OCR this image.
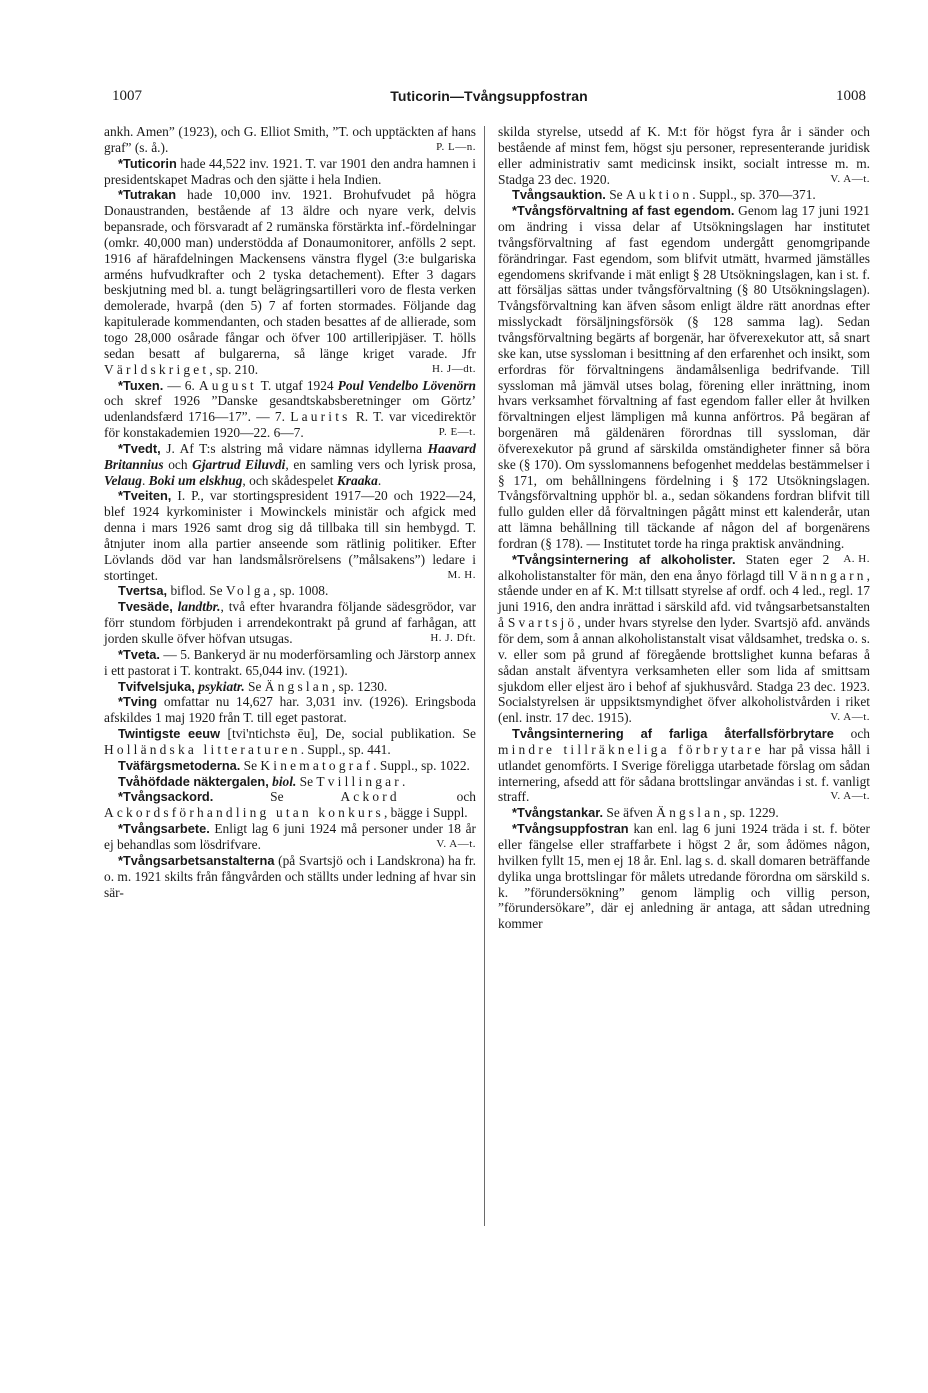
1007	Tuticorin—Tvångsuppfostran	1008

ankh. Amen” (1923), och G. Elliot Smith, ”T. och upptäckten af hans graf” (s. å.).	P. L—n.

*Tuticorin hade 44,522 inv. 1921. T. var 1901 den andra hamnen i presidentskapet Madras och den sjätte i hela Indien.

*Tutrakan hade 10,000 inv. 1921. Brohufvudet på högra Donaustranden, bestående af 13 äldre och nyare verk, delvis bepansrade, och försvaradt af 2 rumänska förstärkta inf.-fördelningar (omkr. 40,000 man) understödda af Donaumonitorer, anfölls 2 sept. 1916 af härafdelningen Mackensens vänstra flygel (3:e bulgariska arméns hufvudkrafter och 2 tyska detachement). Efter 3 dagars beskjutning med bl. a. tungt belägringsartilleri voro de flesta verken demolerade, hvarpå (den 5) 7 af forten stormades. Följande dag kapitulerade kommendanten, och staden besattes af de allierade, som togo 28,000 osårade fångar och öfver 100 artilleripjäser. T. hölls sedan besatt af bulgarerna, så länge kriget varade. Jfr Världskriget, sp. 210.	H. J—dt.

*Tuxen. — 6. August T. utgaf 1924 Poul Vendelbo Lövenörn och skref 1926 ”Danske gesandtskabsberetninger om Görtz’ udenlandsfærd 1716—17”. — 7. Laurits R. T. var vicedirektör för konstakademien 1920—22. 6—7.	P. E—t.

*Tvedt, J. Af T:s alstring må vidare nämnas idyllerna Haavard Britannius och Gjartrud Eiluvdi, en samling vers och lyrisk prosa, Velaug. Boki um elskhug, och skådespelet Kraaka.

*Tveiten, I. P., var stortingspresident 1917—20 och 1922—24, blef 1924 kyrkominister i Mowinckels ministär och afgick med denna i mars 1926 samt drog sig då tillbaka till sin hembygd. T. åtnjuter inom alla partier anseende som rätlinig politiker. Efter Lövlands död var han landsmålsrörelsens (”målsakens”) ledare i stortinget.	M. H.

Tvertsa, biflod. Se Volga, sp. 1008.

Tvesäde, landtbr., två efter hvarandra följande sädesgrödor, var förr stundom förbjuden i arrendekontrakt på grund af farhågan, att jorden skulle öfver höfvan utsugas.	H. J. Dft.

*Tveta. — 5. Bankeryd är nu moderförsamling och Järstorp annex i ett pastorat i T. kontrakt. 65,044 inv. (1921).

Tvifvelsjuka, psykiatr. Se Ängslan, sp. 1230.

*Tving omfattar nu 14,627 har. 3,031 inv. (1926). Eringsboda afskildes 1 maj 1920 från T. till eget pastorat.

Twintigste eeuw [tvi'ntichstə ēu], De, social publikation. Se Holländska litteraturen. Suppl., sp. 441.

Tväfärgsmetoderna. Se Kinematograf. Suppl., sp. 1022.

Tvåhöfdade näktergalen, biol. Se Tvillingar.

*Tvångsackord. Se Ackord och Ackordsförhandling utan konkurs, bägge i Suppl.

*Tvångsarbete. Enligt lag 6 juni 1924 må personer under 18 år ej behandlas som lösdrifvare.	V. A—t.

*Tvångsarbetsanstalterna (på Svartsjö och i Landskrona) ha fr. o. m. 1921 skilts från fångvården och ställts under ledning af hvar sin sär-

skilda styrelse, utsedd af K. M:t för högst fyra år i sänder och bestående af minst fem, högst sju personer, representerande juridisk eller administrativ samt medicinsk insikt, socialt intresse m. m. Stadga 23 dec. 1920.	V. A—t.

Tvångsauktion. Se Auktion. Suppl., sp. 370—371.

*Tvångsförvaltning af fast egendom. Genom lag 17 juni 1921 om ändring i vissa delar af Utsökningslagen har institutet tvångsförvaltning af fast egendom undergått genomgripande förändringar. Fast egendom, som blifvit utmätt, hvarmed jämställes egendomens skrifvande i mät enligt § 28 Utsökningslagen, kan i st. f. att försäljas sättas under tvångsförvaltning (§ 80 Utsökningslagen). Tvångsförvaltning kan äfven såsom enligt äldre rätt anordnas efter misslyckadt försäljningsförsök (§ 128 samma lag). Sedan tvångsförvaltning begärts af borgenär, har öfverexekutor att, så snart ske kan, utse syssloman i besittning af den erfarenhet och insikt, som erfordras för förvaltningens ändamålsenliga bedrifvande. Till syssloman må jämväl utses bolag, förening eller inrättning, inom hvars verksamhet förvaltning af fast egendom faller eller åt hvilken förvaltningen eljest lämpligen må kunna anförtros. På begäran af borgenären må gäldenären förordnas till syssloman, där öfverexekutor på grund af särskilda omständigheter finner så böra ske (§ 170). Om sysslomannens befogenhet meddelas bestämmelser i § 171, om behållningens fördelning i § 172 Utsökningslagen. Tvångsförvaltning upphör bl. a., sedan sökandens fordran blifvit till fullo gulden eller då förvaltningen pågått minst ett kalenderår, utan att lämna behållning till täckande af någon del af borgenärens fordran (§ 178). — Institutet torde ha ringa praktisk användning.
A. H.

*Tvångsinternering af alkoholister. Staten eger 2 alkoholistanstalter för män, den ena ånyo förlagd till Vänngarn, stående under en af K. M:t tillsatt styrelse af ordf. och 4 led., regl. 17 juni 1916, den andra inrättad i särskild afd. vid tvångsarbetsanstalten å Svartsjö, under hvars styrelse den lyder. Svartsjö afd. används för dem, som å annan alkoholistanstalt visat våldsamhet, tredska o. s. v. eller som på grund af föregående brottslighet kunna befaras å sådan anstalt äfventyra verksamheten eller som lida af smittsam sjukdom eller eljest äro i behof af sjukhusvård. Stadga 23 dec. 1923. Socialstyrelsen är uppsiktsmyndighet öfver alkoholistvården i riket (enl. instr. 17 dec. 1915).	V. A—t.

Tvångsinternering af farliga återfallsförbrytare och mindre tillräkneliga förbrytare har på vissa håll i utlandet genomförts. I Sverige föreligga utarbetade förslag om sådan internering, afsedd att för sådana brottslingar användas i st. f. vanligt straff.	V. A—t.

*Tvångstankar. Se äfven Ängslan, sp. 1229.

*Tvångsuppfostran kan enl. lag 6 juni 1924 träda i st. f. böter eller fängelse eller straffarbete i högst 2 år, som ådömes någon, hvilken fyllt 15, men ej 18 år. Enl. lag s. d. skall domaren beträffande dylika unga brottslingar för målets utredande förordna om särskild s. k. ”förundersökning” genom lämplig och villig person, ”förundersökare”, där ej anledning är antaga, att sådan utredning kommer
